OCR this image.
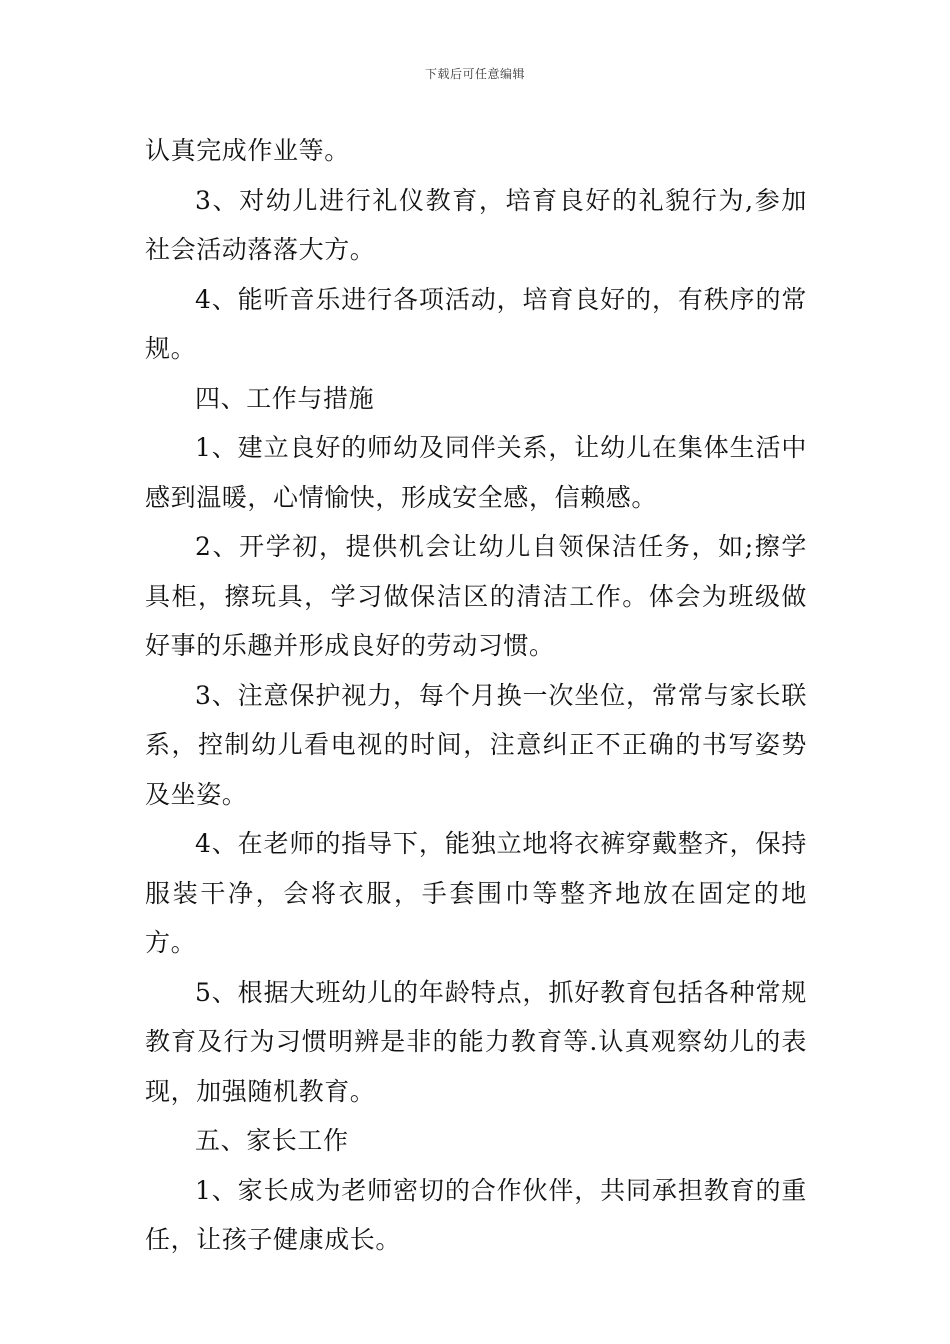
下载后可任意编辑

认真完成作业等。

3、对幼儿进行礼仪教育，培育良好的礼貌行为,参加社会活动落落大方。

4、能听音乐进行各项活动，培育良好的，有秩序的常规。

四、工作与措施

1、建立良好的师幼及同伴关系，让幼儿在集体生活中感到温暖，心情愉快，形成安全感，信赖感。

2、开学初，提供机会让幼儿自领保洁任务，如;擦学具柜，擦玩具，学习做保洁区的清洁工作。体会为班级做好事的乐趣并形成良好的劳动习惯。

3、注意保护视力，每个月换一次坐位，常常与家长联系，控制幼儿看电视的时间，注意纠正不正确的书写姿势及坐姿。

4、在老师的指导下，能独立地将衣裤穿戴整齐，保持服装干净，会将衣服，手套围巾等整齐地放在固定的地方。

5、根据大班幼儿的年龄特点，抓好教育包括各种常规教育及行为习惯明辨是非的能力教育等.认真观察幼儿的表现，加强随机教育。

五、家长工作

1、家长成为老师密切的合作伙伴，共同承担教育的重任，让孩子健康成长。
